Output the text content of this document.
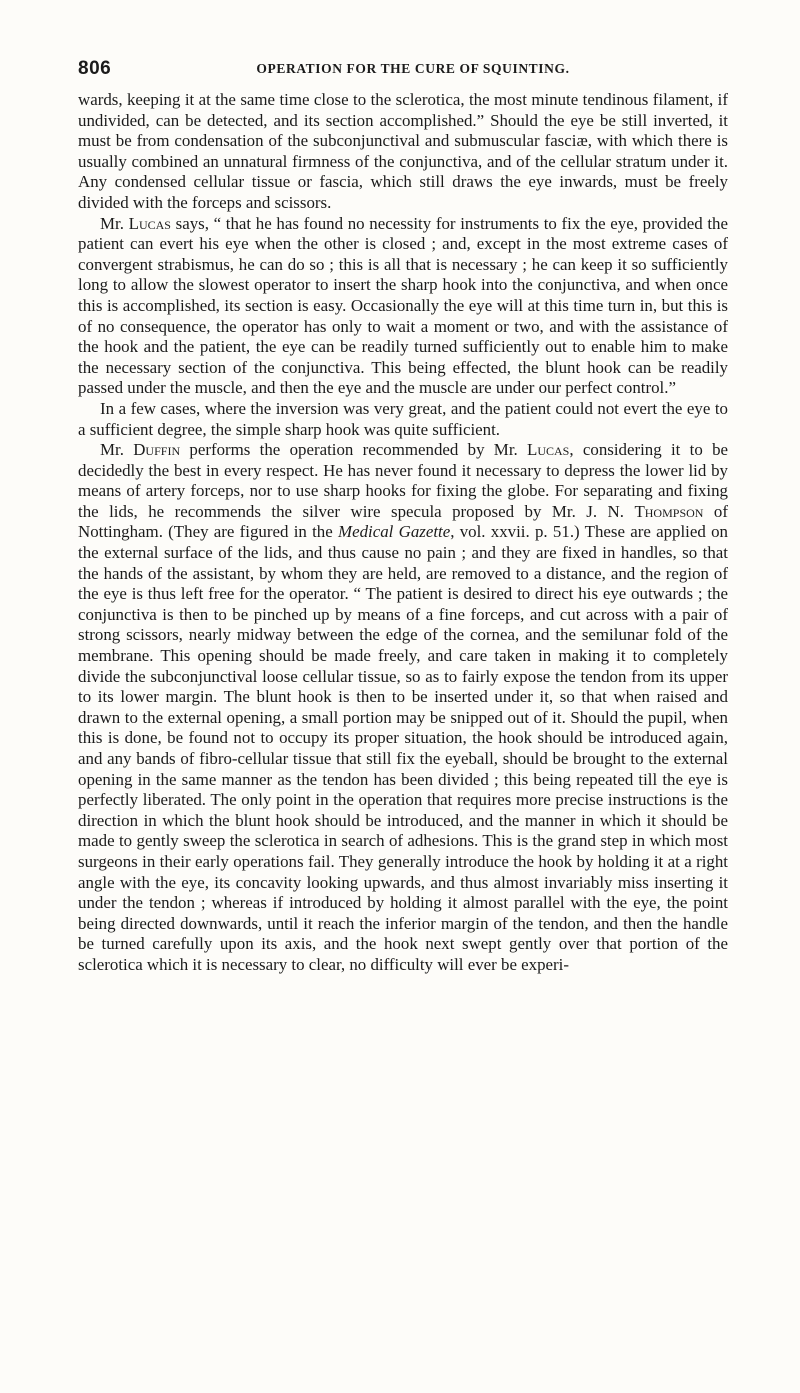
806	OPERATION FOR THE CURE OF SQUINTING.

wards, keeping it at the same time close to the sclerotica, the most minute tendinous filament, if undivided, can be detected, and its section accomplished.” Should the eye be still inverted, it must be from condensation of the subconjunctival and submuscular fasciæ, with which there is usually combined an unnatural firmness of the conjunctiva, and of the cellular stratum under it. Any condensed cellular tissue or fascia, which still draws the eye inwards, must be freely divided with the forceps and scissors.

Mr. Lucas says, “ that he has found no necessity for instruments to fix the eye, provided the patient can evert his eye when the other is closed ; and, except in the most extreme cases of convergent strabismus, he can do so ; this is all that is necessary ; he can keep it so sufficiently long to allow the slowest operator to insert the sharp hook into the conjunctiva, and when once this is accomplished, its section is easy. Occasionally the eye will at this time turn in, but this is of no consequence, the operator has only to wait a moment or two, and with the assistance of the hook and the patient, the eye can be readily turned sufficiently out to enable him to make the necessary section of the conjunctiva. This being effected, the blunt hook can be readily passed under the muscle, and then the eye and the muscle are under our perfect control.”

In a few cases, where the inversion was very great, and the patient could not evert the eye to a sufficient degree, the simple sharp hook was quite sufficient.

Mr. Duffin performs the operation recommended by Mr. Lucas, considering it to be decidedly the best in every respect. He has never found it necessary to depress the lower lid by means of artery forceps, nor to use sharp hooks for fixing the globe. For separating and fixing the lids, he recommends the silver wire specula proposed by Mr. J. N. Thompson of Nottingham. (They are figured in the Medical Gazette, vol. xxvii. p. 51.) These are applied on the external surface of the lids, and thus cause no pain ; and they are fixed in handles, so that the hands of the assistant, by whom they are held, are removed to a distance, and the region of the eye is thus left free for the operator. “ The patient is desired to direct his eye outwards ; the conjunctiva is then to be pinched up by means of a fine forceps, and cut across with a pair of strong scissors, nearly midway between the edge of the cornea, and the semilunar fold of the membrane. This opening should be made freely, and care taken in making it to completely divide the subconjunctival loose cellular tissue, so as to fairly expose the tendon from its upper to its lower margin. The blunt hook is then to be inserted under it, so that when raised and drawn to the external opening, a small portion may be snipped out of it. Should the pupil, when this is done, be found not to occupy its proper situation, the hook should be introduced again, and any bands of fibro-cellular tissue that still fix the eyeball, should be brought to the external opening in the same manner as the tendon has been divided ; this being repeated till the eye is perfectly liberated. The only point in the operation that requires more precise instructions is the direction in which the blunt hook should be introduced, and the manner in which it should be made to gently sweep the sclerotica in search of adhesions. This is the grand step in which most surgeons in their early operations fail. They generally introduce the hook by holding it at a right angle with the eye, its concavity looking upwards, and thus almost invariably miss inserting it under the tendon ; whereas if introduced by holding it almost parallel with the eye, the point being directed downwards, until it reach the inferior margin of the tendon, and then the handle be turned carefully upon its axis, and the hook next swept gently over that portion of the sclerotica which it is necessary to clear, no difficulty will ever be experi-
